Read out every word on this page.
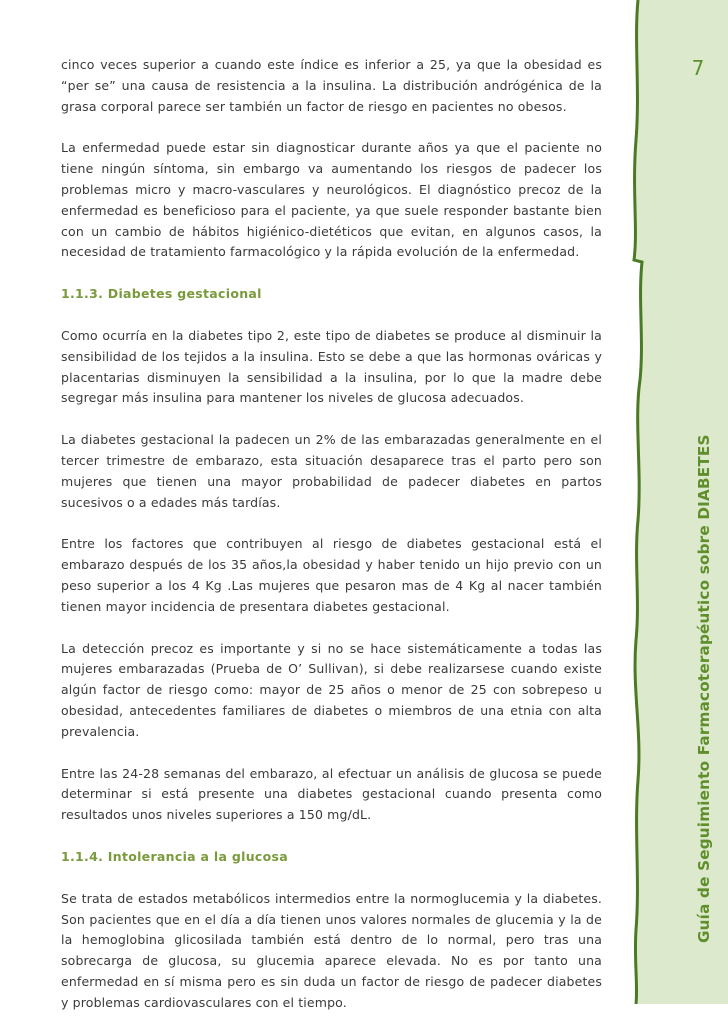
7
Guía de Seguimiento Farmacoterapéutico sobre DIABETES

cinco veces superior a cuando este índice es inferior a 25, ya que la obesidad es “per se” una causa de resistencia a la insulina. La distribución andrógénica de la grasa corporal parece ser también un factor de riesgo en pacientes no obesos.

La enfermedad puede estar sin diagnosticar durante años ya que el paciente no tiene ningún síntoma, sin embargo va aumentando los riesgos de padecer los problemas micro y macro-vasculares y neurológicos. El diagnóstico precoz de la enfermedad es beneficioso para el paciente, ya que suele responder bastante bien con un cambio de hábitos higiénico-dietéticos que evitan, en algunos casos, la necesidad de tratamiento farmacológico y la rápida evolución de la enfermedad.

1.1.3. Diabetes gestacional

Como ocurría en la diabetes tipo 2, este tipo de diabetes se produce al disminuir la sensibilidad de los tejidos a la insulina. Esto se debe a que las hormonas ováricas y placentarias disminuyen la sensibilidad a la insulina, por lo que la madre debe segregar más insulina para mantener los niveles de glucosa adecuados.

La diabetes gestacional la padecen un 2% de las embarazadas generalmente en el tercer trimestre de embarazo, esta situación desaparece tras el parto pero son mujeres que tienen una mayor probabilidad de padecer diabetes en partos sucesivos o a edades más tardías.

Entre los factores que contribuyen al riesgo de diabetes gestacional está el embarazo después de los 35 años,la obesidad y haber tenido un hijo previo con un peso superior a los 4 Kg .Las mujeres que pesaron mas de 4 Kg al nacer también tienen mayor incidencia de presentara diabetes gestacional.

La detección precoz es importante y si no se hace sistemáticamente a todas las mujeres embarazadas (Prueba de O’ Sullivan), si debe realizarsese cuando existe algún factor de riesgo como: mayor de 25 años o menor de 25 con sobrepeso u obesidad, antecedentes familiares de diabetes o miembros de una etnia con alta prevalencia.

Entre las 24-28 semanas del embarazo, al efectuar un análisis de glucosa se puede determinar si está presente una diabetes gestacional cuando presenta como resultados unos niveles superiores a 150 mg/dL.

1.1.4. Intolerancia a la glucosa

Se trata de estados metabólicos intermedios entre la normoglucemia y la diabetes. Son pacientes que en el día a día tienen unos valores normales de glucemia y la de la hemoglobina glicosilada también está dentro de lo normal, pero tras una sobrecarga de glucosa, su glucemia aparece elevada. No es por tanto una enfermedad en sí misma pero es sin duda un factor de riesgo de padecer diabetes y problemas cardiovasculares con el tiempo.
